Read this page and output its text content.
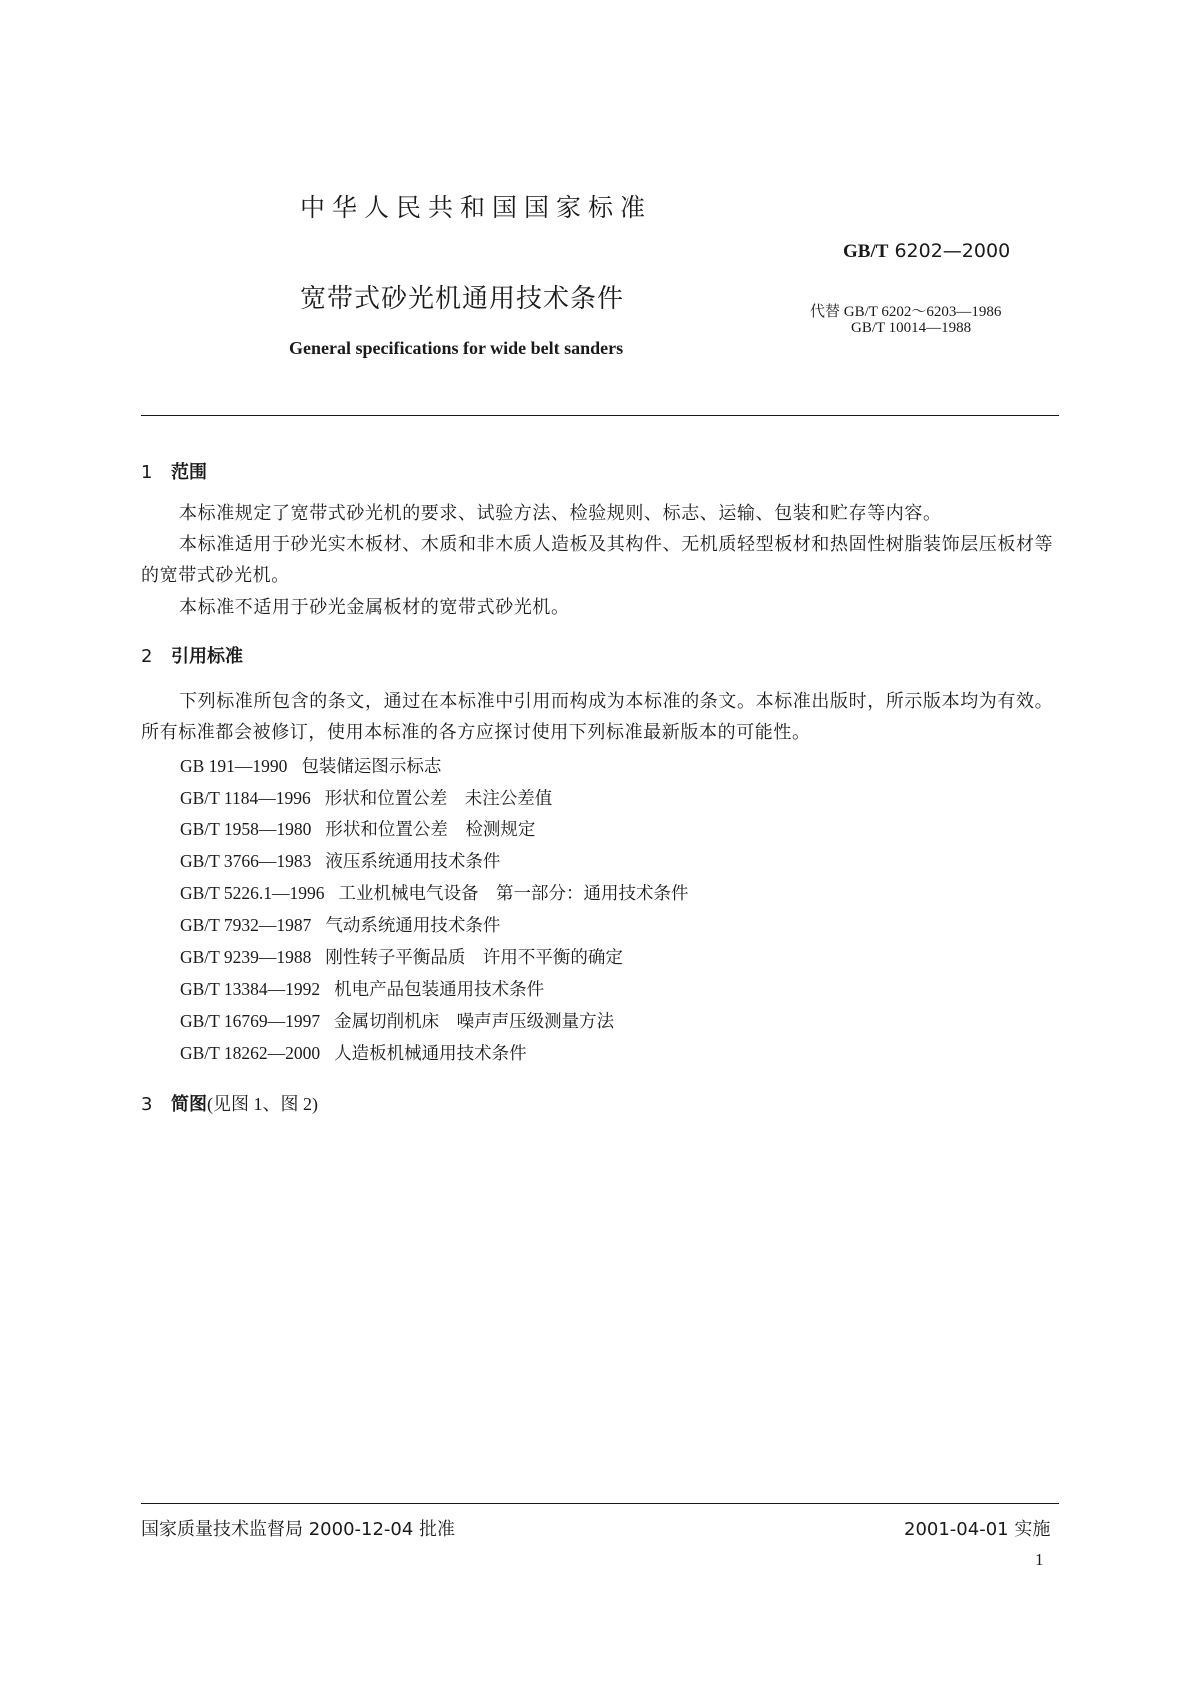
中华人民共和国国家标准
GB/T 6202—2000
宽带式砂光机通用技术条件	代替 GB/T 6202～6203—1986
GB/T 10014—1988
General specifications for wide belt sanders
1 范围
本标准规定了宽带式砂光机的要求、试验方法、检验规则、标志、运输、包装和贮存等内容。
本标准适用于砂光实木板材、木质和非木质人造板及其构件、无机质轻型板材和热固性树脂装饰层压板材等的宽带式砂光机。
本标准不适用于砂光金属板材的宽带式砂光机。
2 引用标准
下列标准所包含的条文，通过在本标准中引用而构成为本标准的条文。本标准出版时，所示版本均为有效。所有标准都会被修订，使用本标准的各方应探讨使用下列标准最新版本的可能性。
GB 191—1990 包装储运图示标志
GB/T 1184—1996 形状和位置公差　未注公差值
GB/T 1958—1980 形状和位置公差　检测规定
GB/T 3766—1983 液压系统通用技术条件
GB/T 5226.1—1996 工业机械电气设备　第一部分：通用技术条件
GB/T 7932—1987 气动系统通用技术条件
GB/T 9239—1988 刚性转子平衡品质　许用不平衡的确定
GB/T 13384—1992 机电产品包装通用技术条件
GB/T 16769—1997 金属切削机床　噪声声压级测量方法
GB/T 18262—2000 人造板机械通用技术条件
3 简图(见图 1、图 2)
国家质量技术监督局 2000-12-04 批准	2001-04-01 实施
1
